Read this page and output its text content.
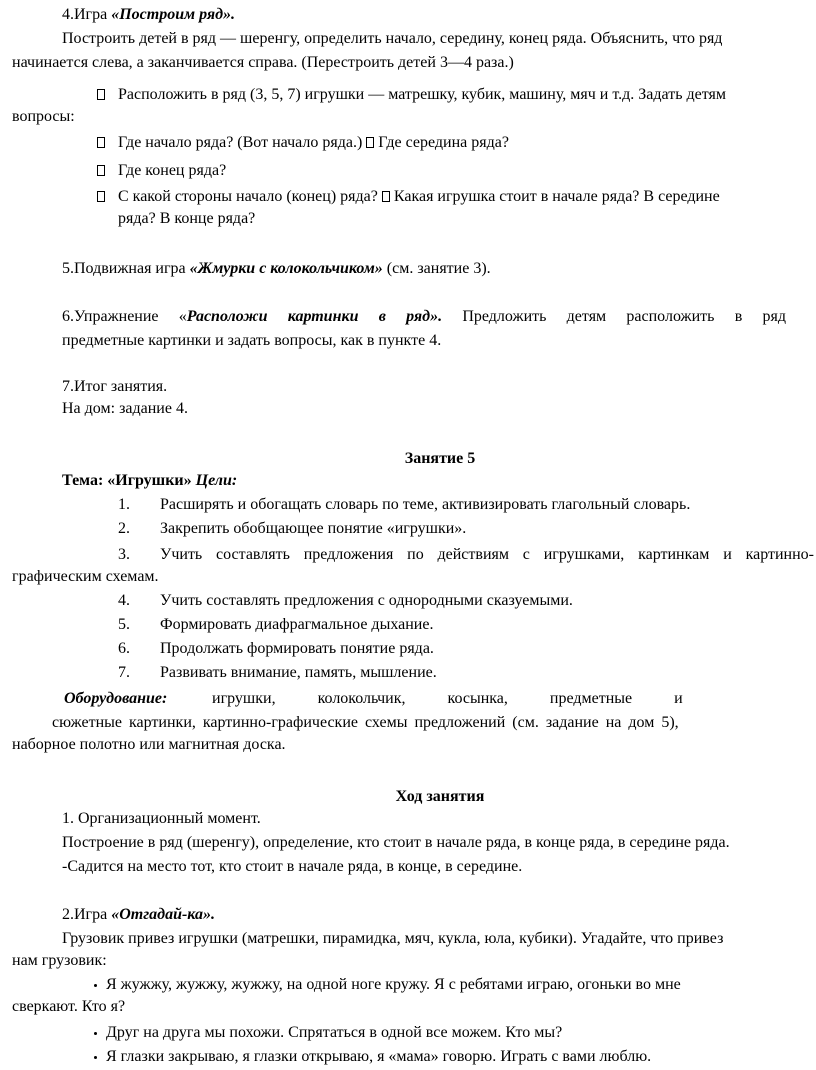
4.Игра «Построим ряд».

Построить детей в ряд — шеренгу, определить начало, середину, конец ряда. Объяснить, что ряд

начинается слева, а заканчивается справа. (Перестроить детей 3—4 раза.)

Расположить в ряд (3, 5, 7) игрушки — матрешку, кубик, машину, мяч и т.д. Задать детям
вопросы:
Где начало ряда? (Вот начало ряда.) Где середина ряда?
Где конец ряда?
С какой стороны начало (конец) ряда? Какая игрушка стоит в начале ряда? В середине
ряда? В конце ряда?

5.Подвижная игра «Жмурки с колокольчиком» (см. занятие 3).

6.Упражнение «Расположи картинки в ряд». Предложить детям расположить в ряд

предметные картинки и задать вопросы, как в пункте 4.

7.Итог занятия.

На дом: задание 4.

Занятие 5

Тема: «Игрушки» Цели:

1. Расширять и обогащать словарь по теме, активизировать глагольный словарь.
2. Закрепить обобщающее понятие «игрушки».
3. Учить составлять предложения по действиям с игрушками, картинкам и картинно-
графическим схемам.
4. Учить составлять предложения с однородными сказуемыми.
5. Формировать диафрагмальное дыхание.
6. Продолжать формировать понятие ряда.
7. Развивать внимание, память, мышление.

Оборудование:	игрушки, колокольчик, косынка, предметные и

сюжетные картинки, картинно-графические схемы предложений (см. задание на дом 5),

наборное полотно или магнитная доска.

Ход занятия

1. Организационный момент.

Построение в ряд (шеренгу), определение, кто стоит в начале ряда, в конце ряда, в середине ряда.

-Садится на место тот, кто стоит в начале ряда, в конце, в середине.

2.Игра «Отгадай-ка».

Грузовик привез игрушки (матрешки, пирамидка, мяч, кукла, юла, кубики). Угадайте, что привез

нам грузовик:

Я жужжу, жужжу, жужжу, на одной ноге кружу. Я с ребятами играю, огоньки во мне
сверкают. Кто я?
Друг на друга мы похожи. Спрятаться в одной все можем. Кто мы?
Я глазки закрываю, я глазки открываю, я «мама» говорю. Играть с вами люблю.
